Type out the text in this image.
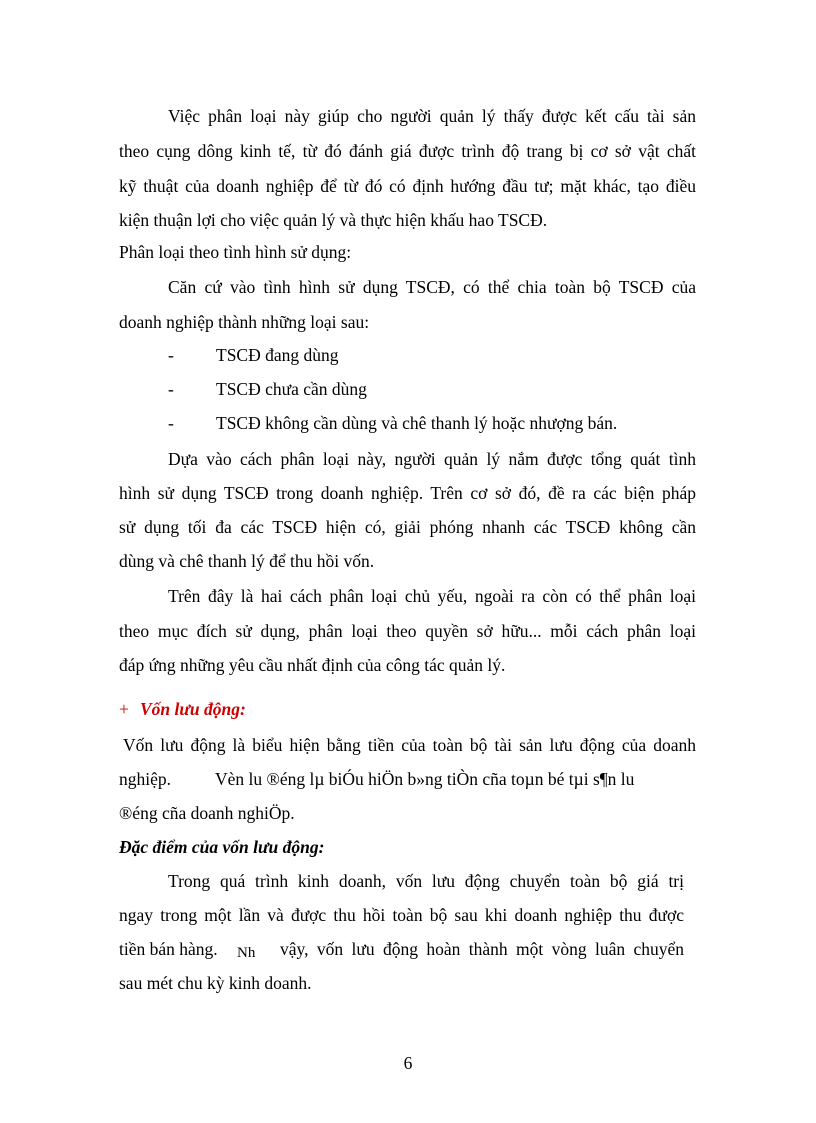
Việc phân loại này giúp cho người quản lý thấy được kết cấu tài sản
theo cụng dông kinh tế, từ đó đánh giá được trình độ trang bị cơ sở vật chất
kỹ thuật của doanh nghiệp để từ đó có định hướng đầu tư; mặt khác, tạo điều
kiện thuận lợi cho việc quản lý và thực hiện khấu hao TSCĐ.
Phân loại theo tình hình sử dụng:
Căn cứ vào tình hình sử dụng TSCĐ, có thể chia toàn bộ TSCĐ của
doanh nghiệp thành những loại sau:
- TSCĐ đang dùng
- TSCĐ chưa cần dùng
- TSCĐ không cần dùng và chê thanh lý hoặc nhượng bán.
Dựa vào cách phân loại này, người quản lý nắm được tổng quát tình
hình sử dụng TSCĐ trong doanh nghiệp. Trên cơ sở đó, đề ra các biện pháp
sử dụng tối đa các TSCĐ hiện có, giải phóng nhanh các TSCĐ không cần
dùng và chê thanh lý để thu hồi vốn.
Trên đây là hai cách phân loại chủ yếu, ngoài ra còn có thể phân loại
theo mục đích sử dụng, phân loại theo quyền sở hữu... mỗi cách phân loại
đáp ứng những yêu cầu nhất định của công tác quản lý.
+ Vốn lưu động:
Vốn lưu động là biểu hiện bằng tiền của toàn bộ tài sản lưu động của doanh
nghiệp.	Vèn lu ®éng lµ biÓu hiÖn b»ng tiÒn cña toµn bé tµi s¶n lu
®éng cña doanh nghiÖp.
Đặc điểm của vốn lưu động:
Trong quá trình kinh doanh, vốn lưu động chuyển toàn bộ giá trị
ngay trong một lần và được thu hồi toàn bộ sau khi doanh nghiệp thu được
tiền bán hàng. Nh vậy, vốn lưu động hoàn thành một vòng luân chuyển
sau mét chu kỳ kinh doanh.
6
